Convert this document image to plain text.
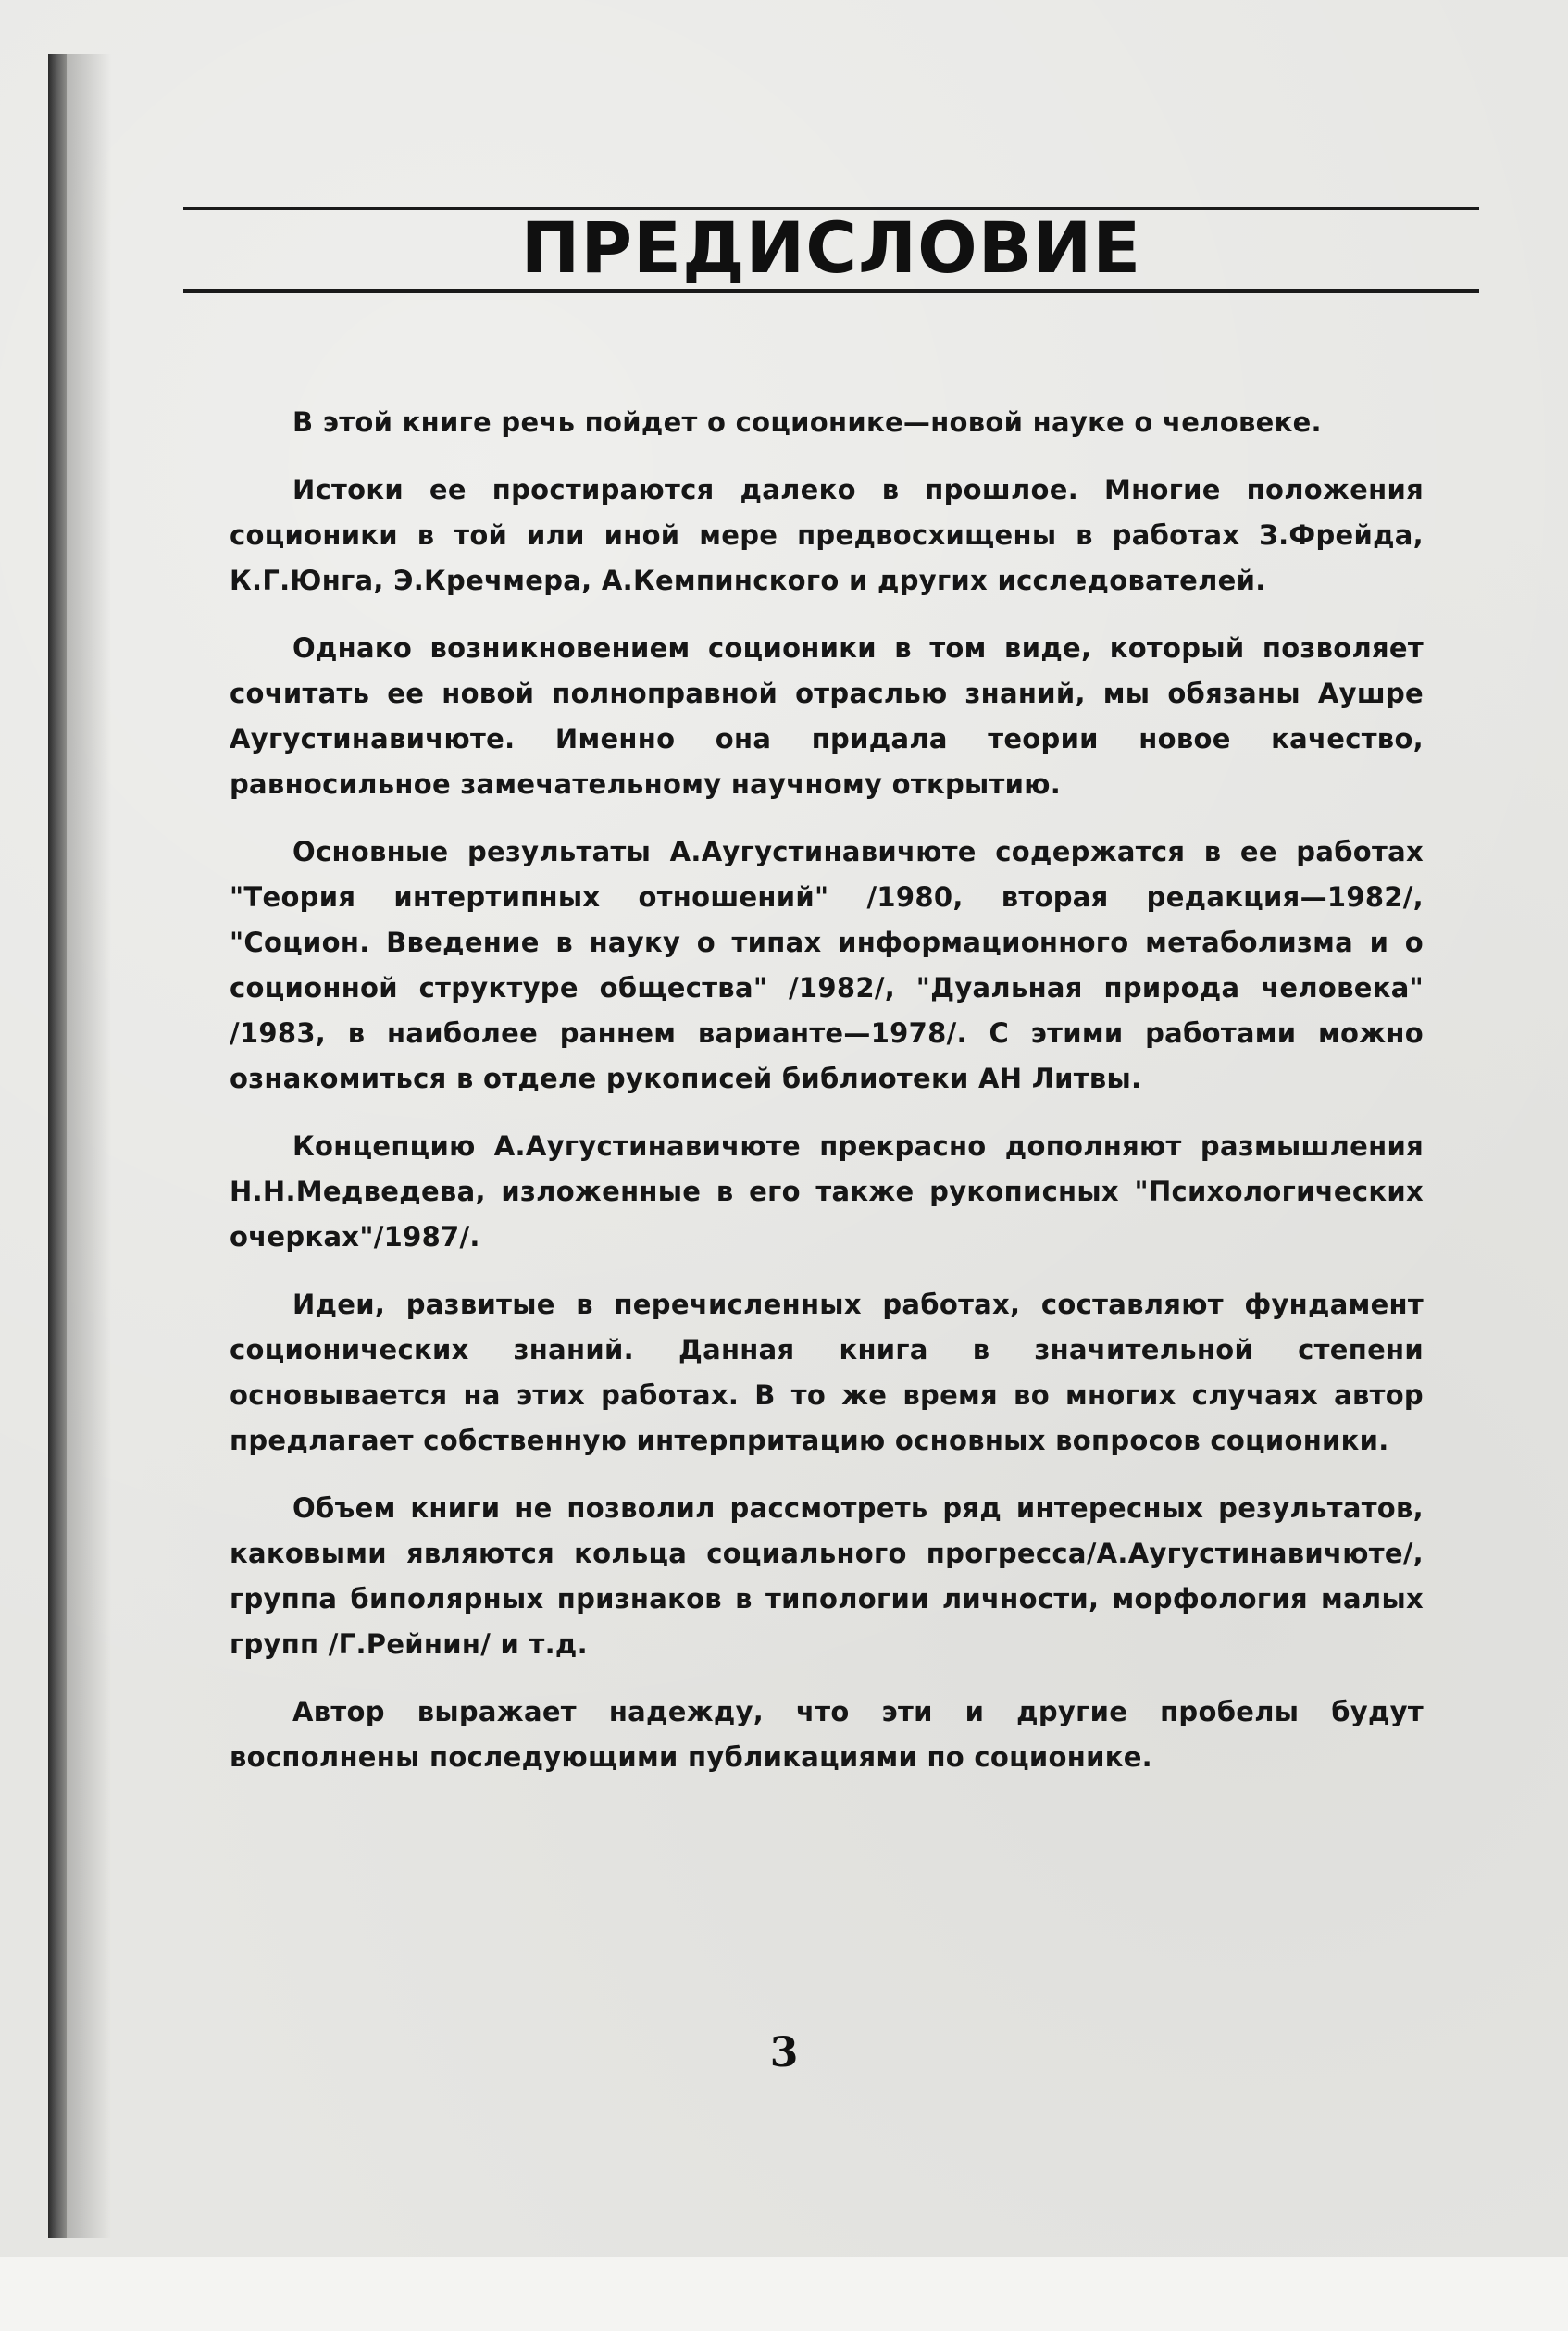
ПРЕДИСЛОВИЕ

В этой книге речь пойдет о соционике—новой науке о человеке.

Истоки ее простираются далеко в прошлое. Многие положения соционики в той или иной мере предвосхищены в работах З.Фрейда, К.Г.Юнга, Э.Кречмера, А.Кемпинского и других исследователей.

Однако возникновением соционики в том виде, который позволяет сочитать ее новой полноправной отраслью знаний, мы обязаны Аушре Аугустинавичюте. Именно она придала теории новое качество, равносильное замечательному научному открытию.

Основные результаты А.Аугустинавичюте содержатся в ее работах "Теория интертипных отношений" /1980, вторая редакция—1982/, "Социон. Введение в науку о типах информационного метаболизма и о соционной структуре общества" /1982/, "Дуальная природа человека" /1983, в наиболее раннем варианте—1978/. С этими работами можно ознакомиться в отделе рукописей библиотеки АН Литвы.

Концепцию А.Аугустинавичюте прекрасно дополняют размышления Н.Н.Медведева, изложенные в его также рукописных "Психологических очерках"/1987/.

Идеи, развитые в перечисленных работах, составляют фундамент соционических знаний. Данная книга в значительной степени основывается на этих работах. В то же время во многих случаях автор предлагает собственную интерпритацию основных вопросов соционики.

Объем книги не позволил рассмотреть ряд интересных результатов, каковыми являются кольца социального прогресса/А.Аугустинавичюте/, группа биполярных признаков в типологии личности, морфология малых групп /Г.Рейнин/ и т.д.

Автор выражает надежду, что эти и другие пробелы будут восполнены последующими публикациями по соционике.

3
